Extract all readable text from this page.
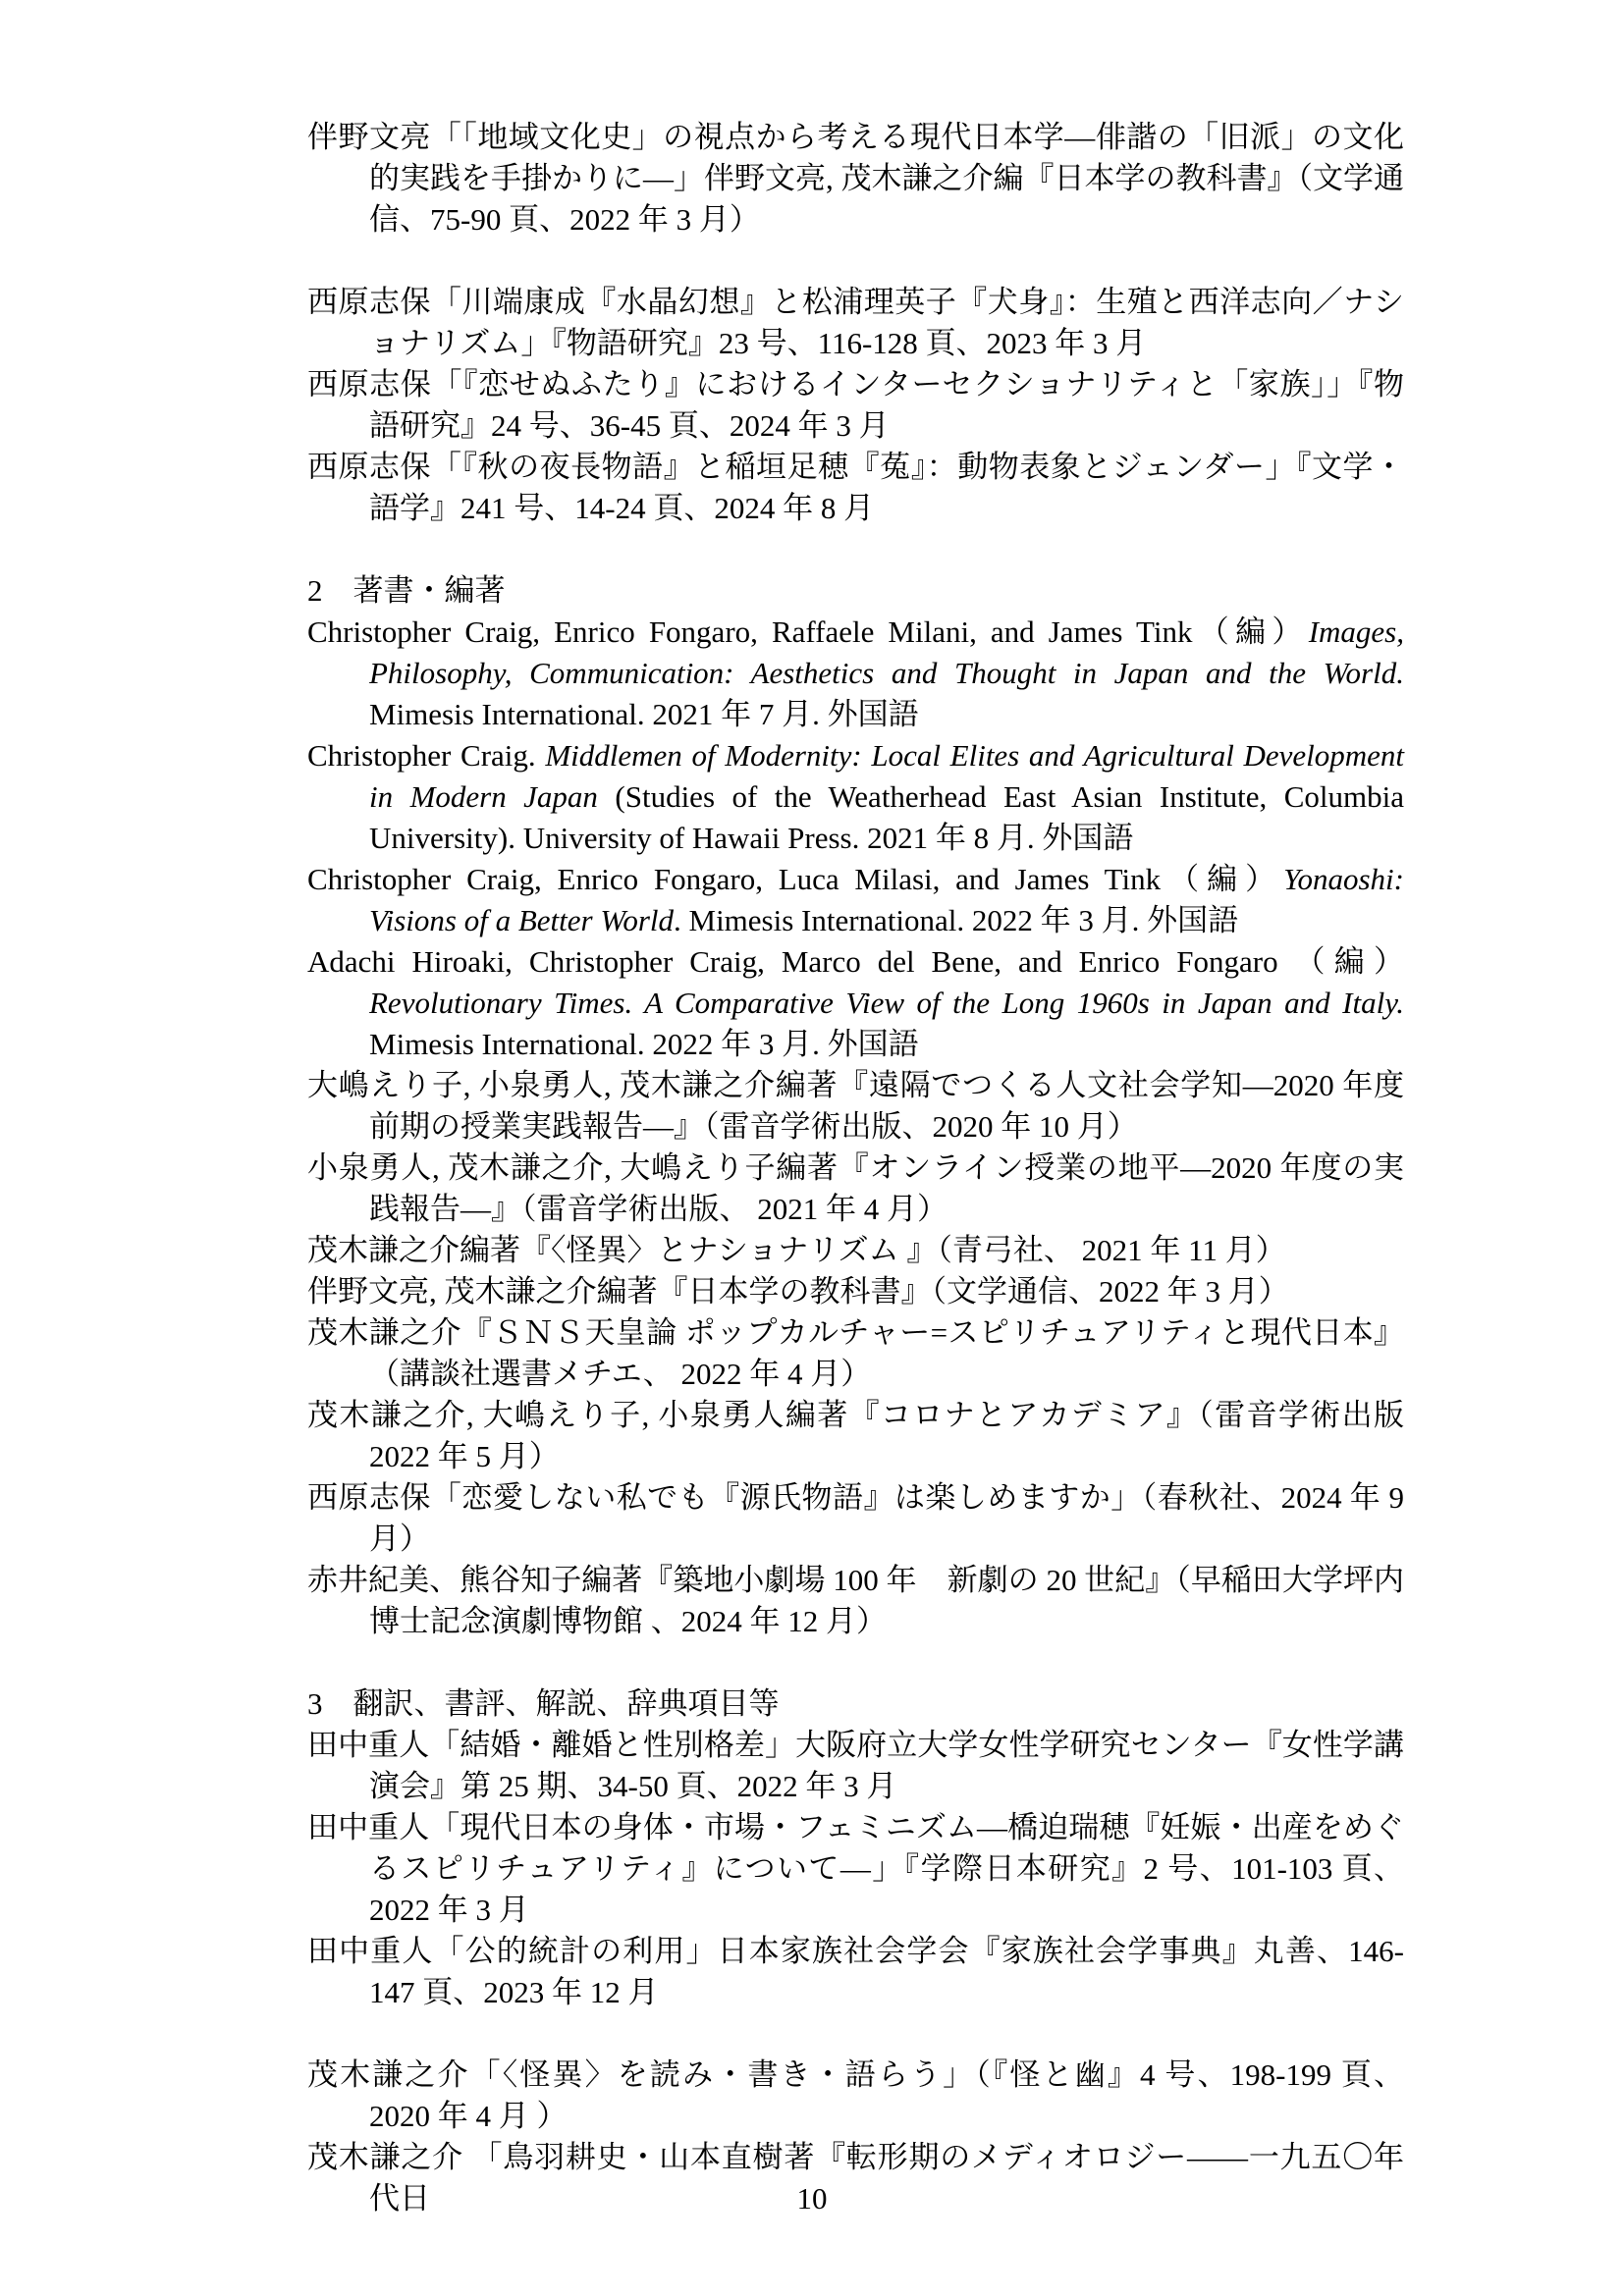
伴野文亮「「地域文化史」の視点から考える現代日本学―俳諧の「旧派」の文化的実践を手掛かりに―」伴野文亮, 茂木謙之介編『日本学の教科書』（文学通信、75-90 頁、2022 年 3 月）
西原志保「川端康成『水晶幻想』と松浦理英子『犬身』：生殖と西洋志向／ナショナリズム」『物語研究』23 号、116-128 頁、2023 年 3 月
西原志保「『恋せぬふたり』におけるインターセクショナリティと「家族」」『物語研究』24 号、36-45 頁、2024 年 3 月
西原志保「『秋の夜長物語』と稲垣足穂『菟』：動物表象とジェンダー」『文学・語学』241 号、14-24 頁、2024 年 8 月
2　著書・編著
Christopher Craig, Enrico Fongaro, Raffaele Milani, and James Tink（編）Images, Philosophy, Communication: Aesthetics and Thought in Japan and the World. Mimesis International. 2021 年 7 月. 外国語
Christopher Craig. Middlemen of Modernity: Local Elites and Agricultural Development in Modern Japan (Studies of the Weatherhead East Asian Institute, Columbia University). University of Hawaii Press. 2021 年 8 月. 外国語
Christopher Craig, Enrico Fongaro, Luca Milasi, and James Tink（編）Yonaoshi: Visions of a Better World. Mimesis International. 2022 年 3 月. 外国語
Adachi Hiroaki, Christopher Craig, Marco del Bene, and Enrico Fongaro （編）Revolutionary Times. A Comparative View of the Long 1960s in Japan and Italy. Mimesis International. 2022 年 3 月. 外国語
大嶋えり子, 小泉勇人, 茂木謙之介編著『遠隔でつくる人文社会学知―2020 年度前期の授業実践報告―』（雷音学術出版、2020 年 10 月）
小泉勇人, 茂木謙之介, 大嶋えり子編著『オンライン授業の地平―2020 年度の実践報告―』（雷音学術出版、 2021 年 4 月）
茂木謙之介編著『〈怪異〉とナショナリズム 』（青弓社、 2021 年 11 月）
伴野文亮, 茂木謙之介編著『日本学の教科書』（文学通信、2022 年 3 月）
茂木謙之介『ＳＮＳ天皇論 ポップカルチャー=スピリチュアリティと現代日本』（講談社選書メチエ、 2022 年 4 月）
茂木謙之介, 大嶋えり子, 小泉勇人編著『コロナとアカデミア』（雷音学術出版 2022 年 5 月）
西原志保「恋愛しない私でも『源氏物語』は楽しめますか」（春秋社、2024 年 9 月）
赤井紀美、熊谷知子編著『築地小劇場 100 年　新劇の 20 世紀』（早稲田大学坪内博士記念演劇博物館 、2024 年 12 月）
3　翻訳、書評、解説、辞典項目等
田中重人「結婚・離婚と性別格差」大阪府立大学女性学研究センター『女性学講演会』第 25 期、34-50 頁、2022 年 3 月
田中重人「現代日本の身体・市場・フェミニズム―橋迫瑞穂『妊娠・出産をめぐるスピリチュアリティ』について―」『学際日本研究』2 号、101-103 頁、2022 年 3 月
田中重人「公的統計の利用」日本家族社会学会『家族社会学事典』丸善、146-147 頁、2023 年 12 月
茂木謙之介「〈怪異〉を読み・書き・語らう」（『怪と幽』4 号、198-199 頁、 2020 年 4 月 ）
茂木謙之介 「鳥羽耕史・山本直樹著『転形期のメディオロジー――一九五〇年代日	10
